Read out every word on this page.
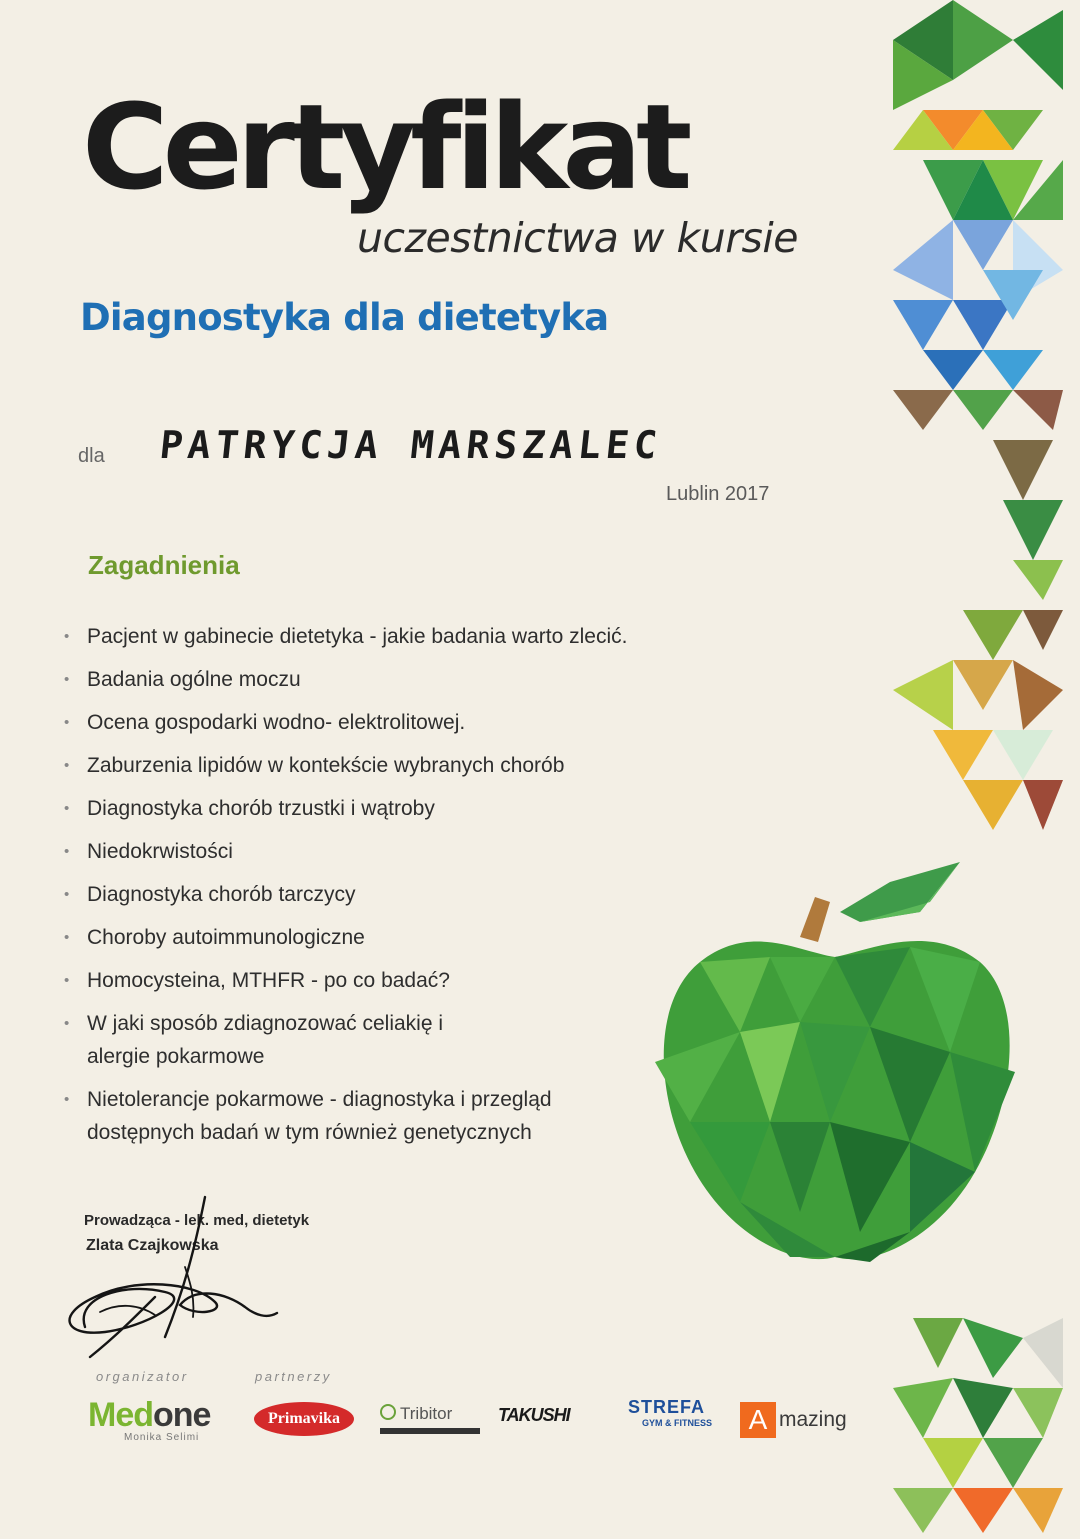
Certyfikat
uczestnictwa w kursie
Diagnostyka dla dietetyka
dla PATRYCJA MARSZALEC
Lublin 2017
Zagadnienia
• Pacjent w gabinecie dietetyka - jakie badania warto zlecić.
• Badania ogólne moczu
• Ocena gospodarki wodno- elektrolitowej.
• Zaburzenia lipidów w kontekście wybranych chorób
• Diagnostyka chorób trzustki i wątroby
• Niedokrwistości
• Diagnostyka chorób tarczycy
• Choroby autoimmunologiczne
• Homocysteina, MTHFR - po co badać?
• W jaki sposób zdiagnozować celiakię i alergie pokarmowe
• Nietolerancje pokarmowe - diagnostyka i przegląd dostępnych badań w tym również genetycznych
Prowadząca - lek. med, dietetyk
Zlata Czajkowska
organizator	partnerzy
Medone
Monika Selimi
Primavika	Tribitor	TAKUSHI	STREFA
GYM & FITNESS	A mazing
